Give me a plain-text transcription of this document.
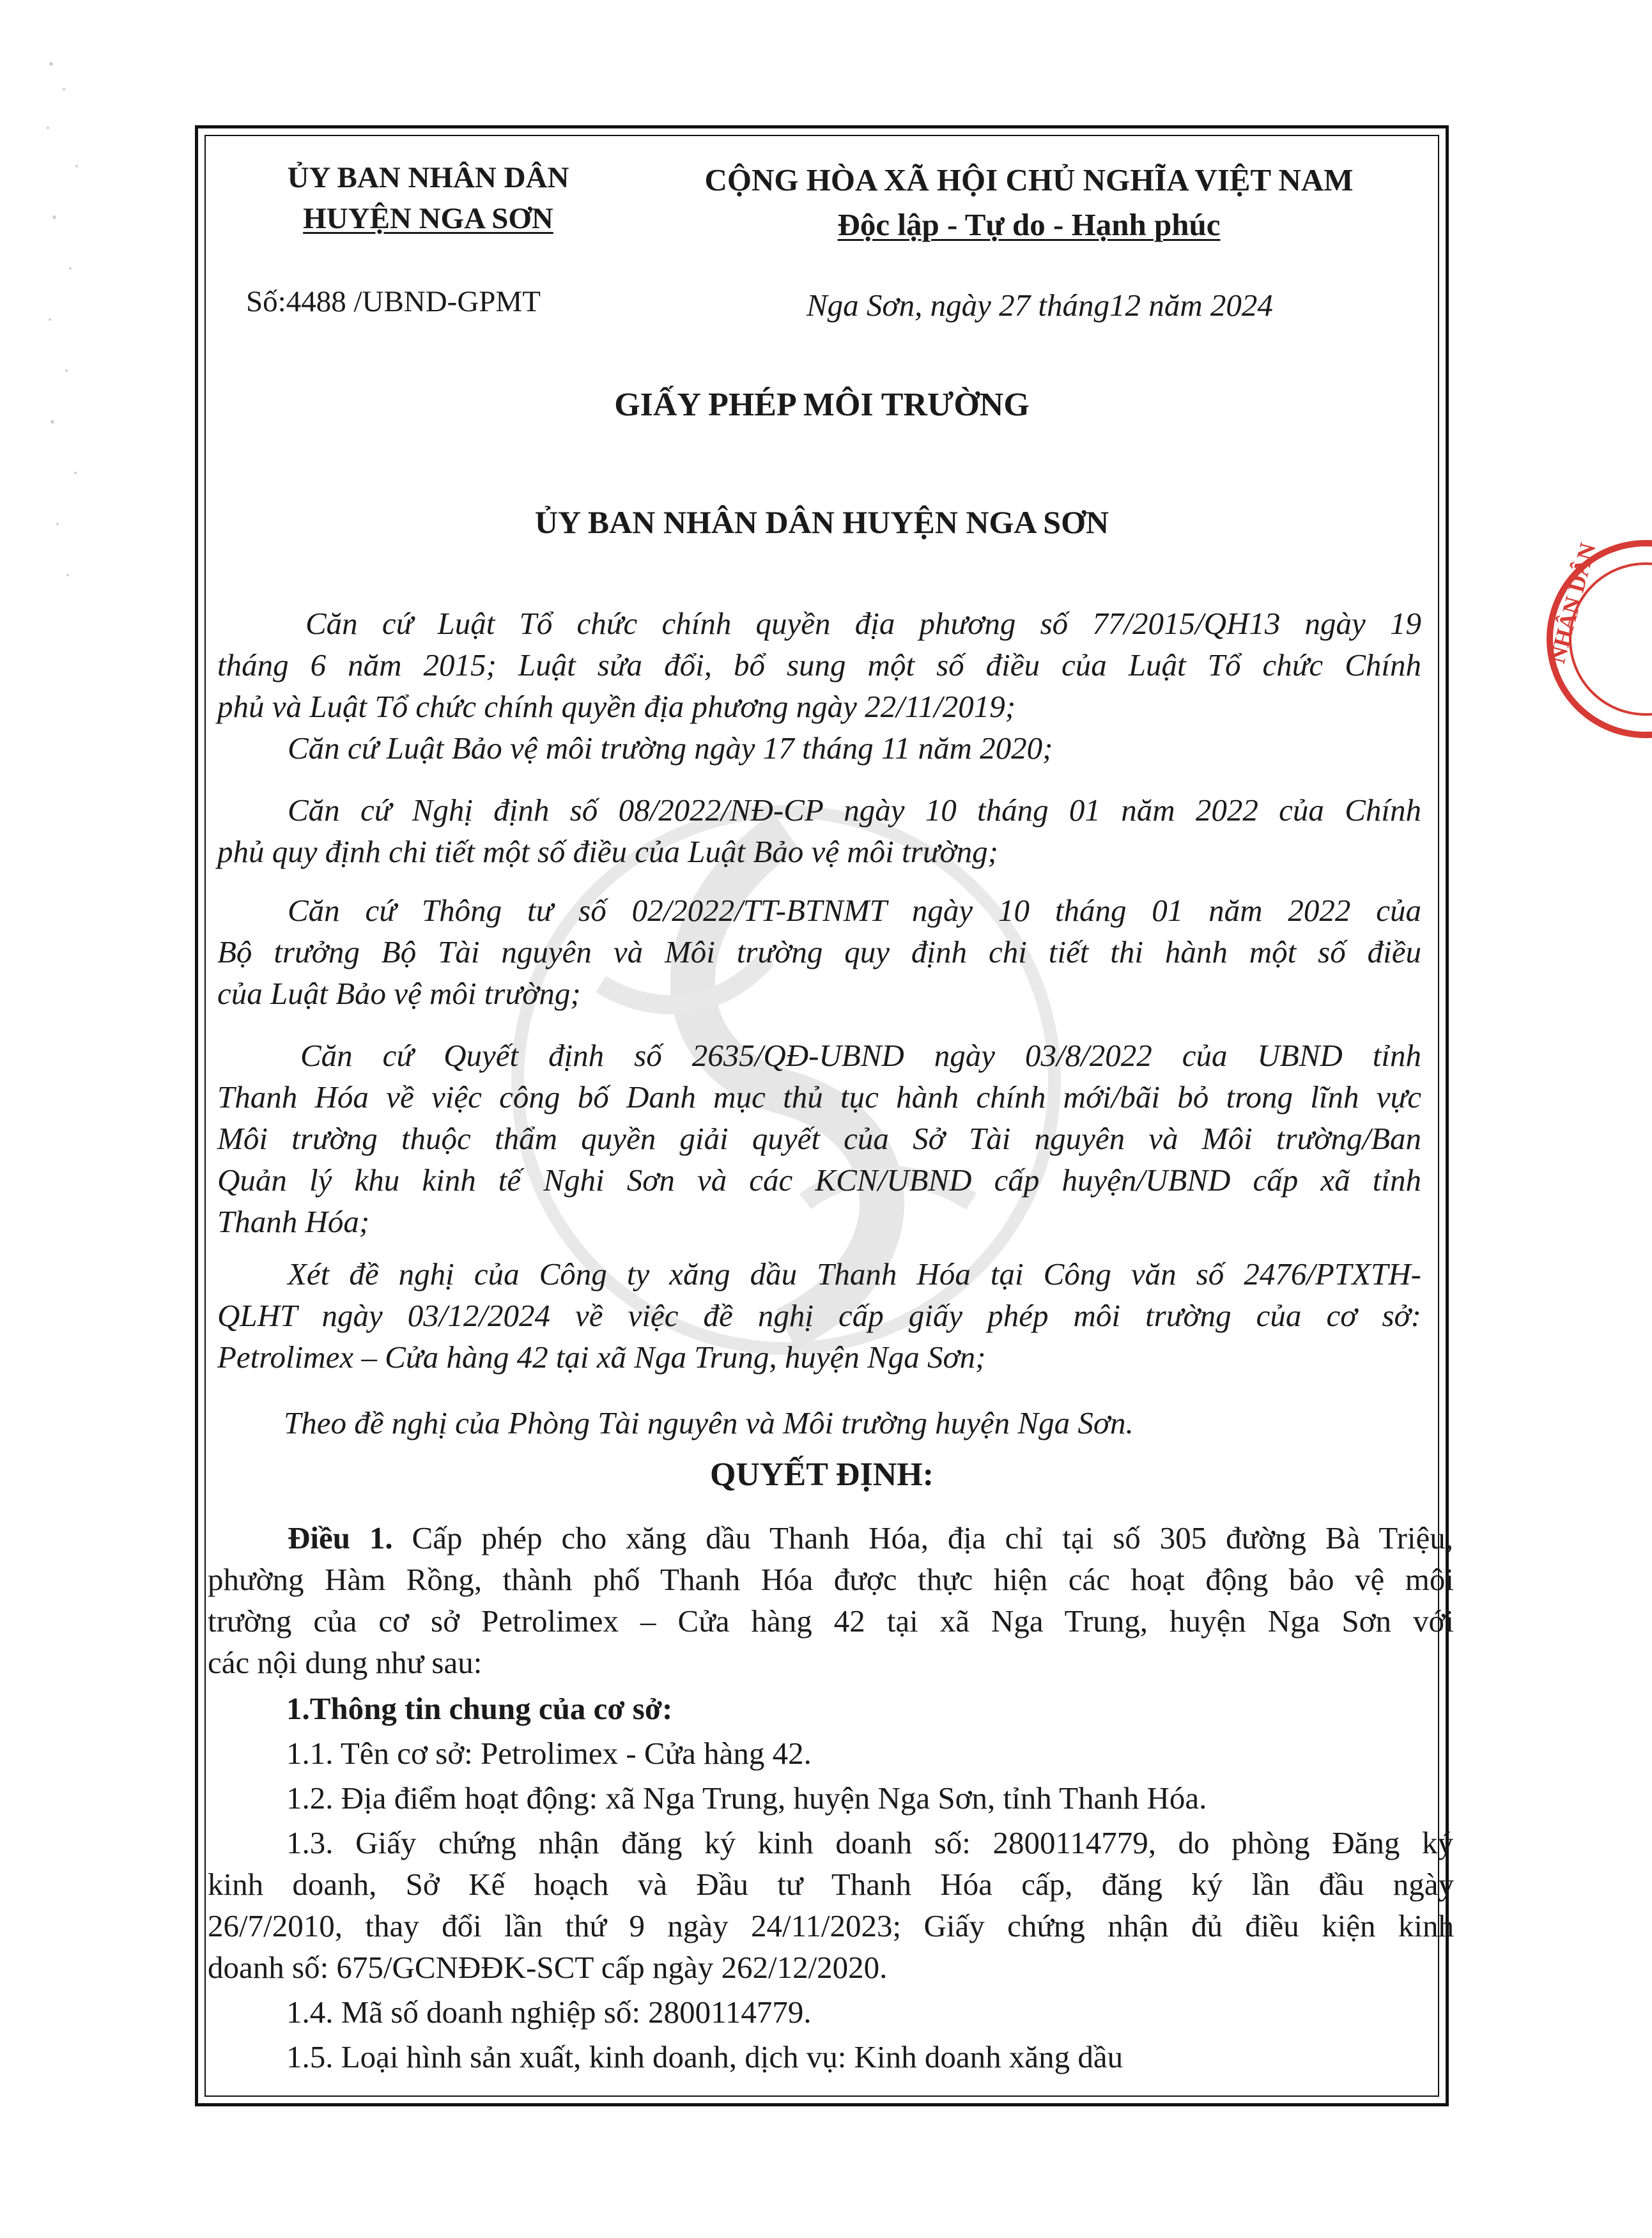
NHÂN DÂN
ỦY BAN NHÂN DÂN
HUYỆN NGA SƠN
CỘNG HÒA XÃ HỘI CHỦ NGHĨA VIỆT NAM
Độc lập - Tự do - Hạnh phúc
Số:4488 /UBND-GPMT	Nga Sơn, ngày 27 tháng12 năm 2024
GIẤY PHÉP MÔI TRƯỜNG
ỦY BAN NHÂN DÂN HUYỆN NGA SƠN
Căn cứ Luật Tổ chức chính quyền địa phương số 77/2015/QH13 ngày 19
tháng 6 năm 2015; Luật sửa đổi, bổ sung một số điều của Luật Tổ chức Chính
phủ và Luật Tổ chức chính quyền địa phương ngày 22/11/2019;
Căn cứ Luật Bảo vệ môi trường ngày 17 tháng 11 năm 2020;
Căn cứ Nghị định số 08/2022/NĐ-CP ngày 10 tháng 01 năm 2022 của Chính
phủ quy định chi tiết một số điều của Luật Bảo vệ môi trường;
Căn cứ Thông tư số 02/2022/TT-BTNMT ngày 10 tháng 01 năm 2022 của
Bộ trưởng Bộ Tài nguyên và Môi trường quy định chi tiết thi hành một số điều
của Luật Bảo vệ môi trường;
Căn cứ Quyết định số 2635/QĐ-UBND ngày 03/8/2022 của UBND tỉnh
Thanh Hóa về việc công bố Danh mục thủ tục hành chính mới/bãi bỏ trong lĩnh vực
Môi trường thuộc thẩm quyền giải quyết của Sở Tài nguyên và Môi trường/Ban
Quản lý khu kinh tế Nghi Sơn và các KCN/UBND cấp huyện/UBND cấp xã tỉnh
Thanh Hóa;
Xét đề nghị của Công ty xăng dầu Thanh Hóa tại Công văn số 2476/PTXTH-
QLHT ngày 03/12/2024 về việc đề nghị cấp giấy phép môi trường của cơ sở:
Petrolimex – Cửa hàng 42 tại xã Nga Trung, huyện Nga Sơn;
Theo đề nghị của Phòng Tài nguyên và Môi trường huyện Nga Sơn.
QUYẾT ĐỊNH:
Điều 1. Cấp phép cho xăng dầu Thanh Hóa, địa chỉ tại số 305 đường Bà Triệu,
phường Hàm Rồng, thành phố Thanh Hóa được thực hiện các hoạt động bảo vệ môi
trường của cơ sở Petrolimex – Cửa hàng 42 tại xã Nga Trung, huyện Nga Sơn với
các nội dung như sau:
1.Thông tin chung của cơ sở:
1.1. Tên cơ sở: Petrolimex - Cửa hàng 42.
1.2. Địa điểm hoạt động: xã Nga Trung, huyện Nga Sơn, tỉnh Thanh Hóa.
1.3. Giấy chứng nhận đăng ký kinh doanh số: 2800114779, do phòng Đăng ký
kinh doanh, Sở Kế hoạch và Đầu tư Thanh Hóa cấp, đăng ký lần đầu ngày
26/7/2010, thay đổi lần thứ 9 ngày 24/11/2023; Giấy chứng nhận đủ điều kiện kinh
doanh số: 675/GCNĐĐK-SCT cấp ngày 262/12/2020.
1.4. Mã số doanh nghiệp số: 2800114779.
1.5. Loại hình sản xuất, kinh doanh, dịch vụ: Kinh doanh xăng dầu
